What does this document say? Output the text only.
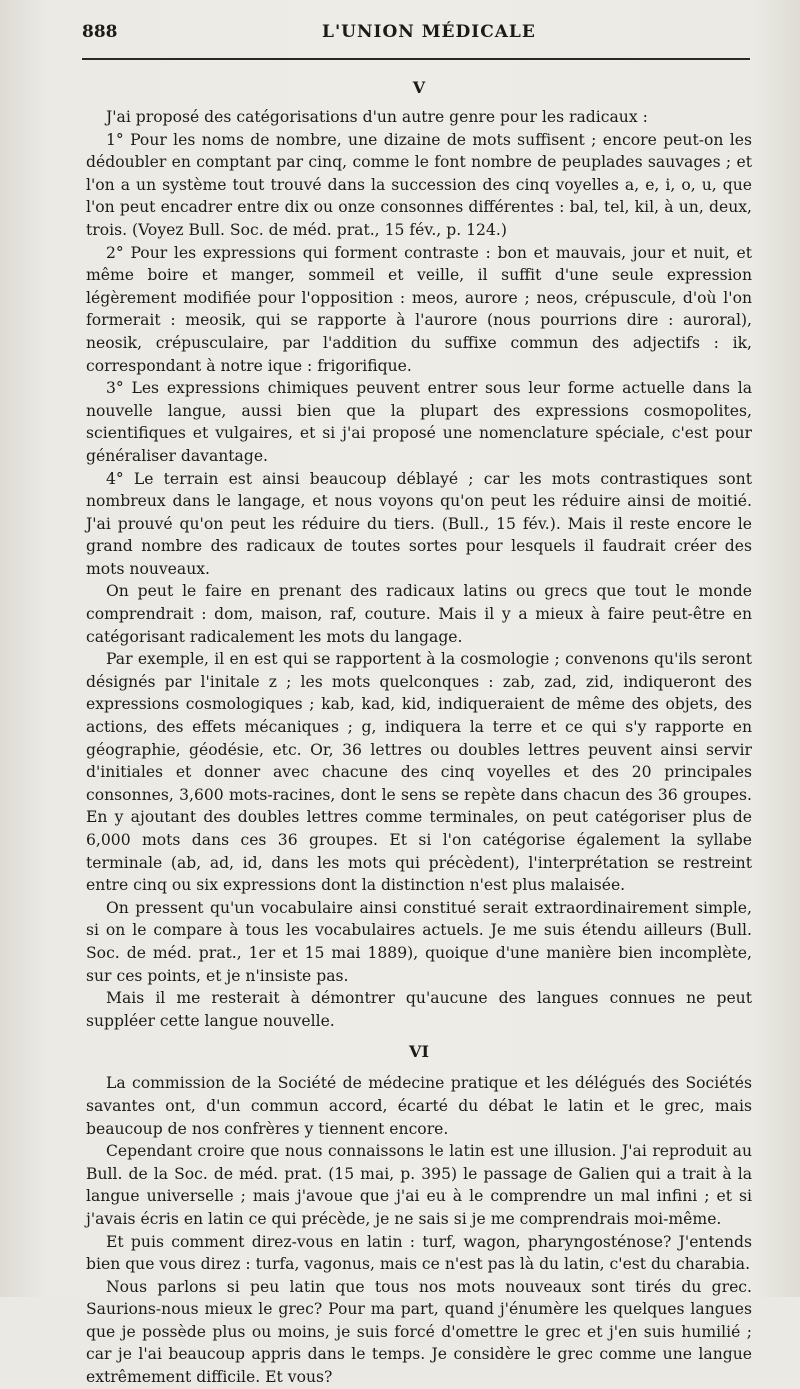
888	L'UNION MÉDICALE
V

J'ai proposé des catégorisations d'un autre genre pour les radicaux :

1° Pour les noms de nombre, une dizaine de mots suffisent ; encore peut-on les dédoubler en comptant par cinq, comme le font nombre de peuplades sauvages ; et l'on a un système tout trouvé dans la succession des cinq voyelles a, e, i, o, u, que l'on peut encadrer entre dix ou onze consonnes différentes : bal, tel, kil, à un, deux, trois. (Voyez Bull. Soc. de méd. prat., 15 fév., p. 124.)

2° Pour les expressions qui forment contraste : bon et mauvais, jour et nuit, et même boire et manger, sommeil et veille, il suffit d'une seule expression légèrement modifiée pour l'opposition : meos, aurore ; neos, crépuscule, d'où l'on formerait : meosik, qui se rapporte à l'aurore (nous pourrions dire : auroral), neosik, crépusculaire, par l'addition du suffixe commun des adjectifs : ik, correspondant à notre ique : frigorifique.

3° Les expressions chimiques peuvent entrer sous leur forme actuelle dans la nouvelle langue, aussi bien que la plupart des expressions cosmopolites, scientifiques et vulgaires, et si j'ai proposé une nomenclature spéciale, c'est pour généraliser davantage.

4° Le terrain est ainsi beaucoup déblayé ; car les mots contrastiques sont nombreux dans le langage, et nous voyons qu'on peut les réduire ainsi de moitié. J'ai prouvé qu'on peut les réduire du tiers. (Bull., 15 fév.). Mais il reste encore le grand nombre des radicaux de toutes sortes pour lesquels il faudrait créer des mots nouveaux.

On peut le faire en prenant des radicaux latins ou grecs que tout le monde comprendrait : dom, maison, raf, couture. Mais il y a mieux à faire peut-être en catégorisant radicalement les mots du langage.

Par exemple, il en est qui se rapportent à la cosmologie ; convenons qu'ils seront désignés par l'initale z ; les mots quelconques : zab, zad, zid, indiqueront des expressions cosmologiques ; kab, kad, kid, indiqueraient de même des objets, des actions, des effets mécaniques ; g, indiquera la terre et ce qui s'y rapporte en géographie, géodésie, etc. Or, 36 lettres ou doubles lettres peuvent ainsi servir d'initiales et donner avec chacune des cinq voyelles et des 20 principales consonnes, 3,600 mots-racines, dont le sens se repète dans chacun des 36 groupes. En y ajoutant des doubles lettres comme terminales, on peut catégoriser plus de 6,000 mots dans ces 36 groupes. Et si l'on catégorise également la syllabe terminale (ab, ad, id, dans les mots qui précèdent), l'interprétation se restreint entre cinq ou six expressions dont la distinction n'est plus malaisée.

On pressent qu'un vocabulaire ainsi constitué serait extraordinairement simple, si on le compare à tous les vocabulaires actuels. Je me suis étendu ailleurs (Bull. Soc. de méd. prat., 1er et 15 mai 1889), quoique d'une manière bien incomplète, sur ces points, et je n'insiste pas.

Mais il me resterait à démontrer qu'aucune des langues connues ne peut suppléer cette langue nouvelle.

VI

La commission de la Société de médecine pratique et les délégués des Sociétés savantes ont, d'un commun accord, écarté du débat le latin et le grec, mais beaucoup de nos confrères y tiennent encore.

Cependant croire que nous connaissons le latin est une illusion. J'ai reproduit au Bull. de la Soc. de méd. prat. (15 mai, p. 395) le passage de Galien qui a trait à la langue universelle ; mais j'avoue que j'ai eu à le comprendre un mal infini ; et si j'avais écris en latin ce qui précède, je ne sais si je me comprendrais moi-même.

Et puis comment direz-vous en latin : turf, wagon, pharyngosténose? J'entends bien que vous direz : turfa, vagonus, mais ce n'est pas là du latin, c'est du charabia.

Nous parlons si peu latin que tous nos mots nouveaux sont tirés du grec. Saurions-nous mieux le grec? Pour ma part, quand j'énumère les quelques langues que je possède plus ou moins, je suis forcé d'omettre le grec et j'en suis humilié ; car je l'ai beaucoup appris dans le temps. Je considère le grec comme une langue extrêmement difficile. Et vous?
